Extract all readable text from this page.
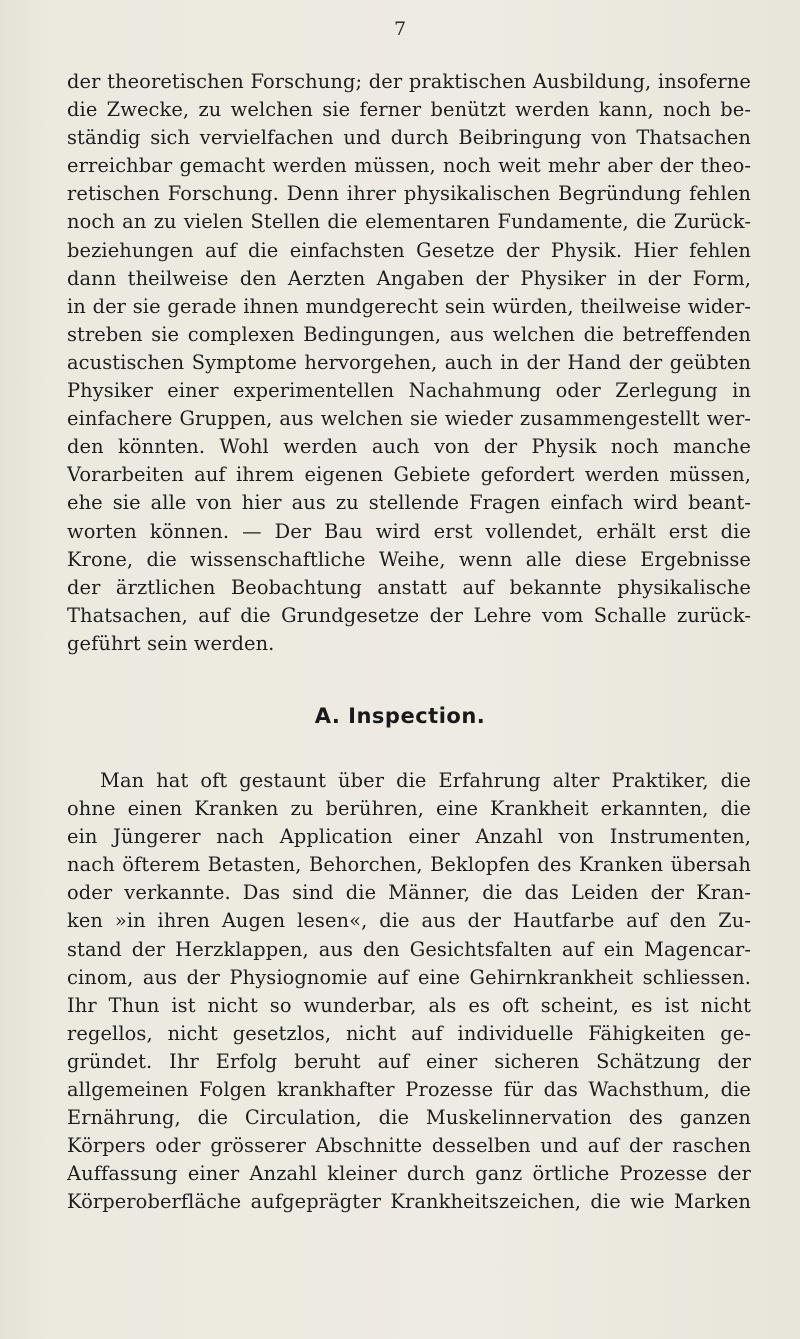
7
der theoretischen Forschung; der praktischen Ausbildung, insoferne
die Zwecke, zu welchen sie ferner benützt werden kann, noch be-
ständig sich vervielfachen und durch Beibringung von Thatsachen
erreichbar gemacht werden müssen, noch weit mehr aber der theo-
retischen Forschung. Denn ihrer physikalischen Begründung fehlen
noch an zu vielen Stellen die elementaren Fundamente, die Zurück-
beziehungen auf die einfachsten Gesetze der Physik. Hier fehlen
dann theilweise den Aerzten Angaben der Physiker in der Form,
in der sie gerade ihnen mundgerecht sein würden, theilweise wider-
streben sie complexen Bedingungen, aus welchen die betreffenden
acustischen Symptome hervorgehen, auch in der Hand der geübten
Physiker einer experimentellen Nachahmung oder Zerlegung in
einfachere Gruppen, aus welchen sie wieder zusammengestellt wer-
den könnten. Wohl werden auch von der Physik noch manche
Vorarbeiten auf ihrem eigenen Gebiete gefordert werden müssen,
ehe sie alle von hier aus zu stellende Fragen einfach wird beant-
worten können. — Der Bau wird erst vollendet, erhält erst die
Krone, die wissenschaftliche Weihe, wenn alle diese Ergebnisse
der ärztlichen Beobachtung anstatt auf bekannte physikalische
Thatsachen, auf die Grundgesetze der Lehre vom Schalle zurück-
geführt sein werden.
A. Inspection.
Man hat oft gestaunt über die Erfahrung alter Praktiker, die
ohne einen Kranken zu berühren, eine Krankheit erkannten, die
ein Jüngerer nach Application einer Anzahl von Instrumenten,
nach öfterem Betasten, Behorchen, Beklopfen des Kranken übersah
oder verkannte. Das sind die Männer, die das Leiden der Kran-
ken »in ihren Augen lesen«, die aus der Hautfarbe auf den Zu-
stand der Herzklappen, aus den Gesichtsfalten auf ein Magencar-
cinom, aus der Physiognomie auf eine Gehirnkrankheit schliessen.
Ihr Thun ist nicht so wunderbar, als es oft scheint, es ist nicht
regellos, nicht gesetzlos, nicht auf individuelle Fähigkeiten ge-
gründet. Ihr Erfolg beruht auf einer sicheren Schätzung der
allgemeinen Folgen krankhafter Prozesse für das Wachsthum, die
Ernährung, die Circulation, die Muskelinnervation des ganzen
Körpers oder grösserer Abschnitte desselben und auf der raschen
Auffassung einer Anzahl kleiner durch ganz örtliche Prozesse der
Körperoberfläche aufgeprägter Krankheitszeichen, die wie Marken
